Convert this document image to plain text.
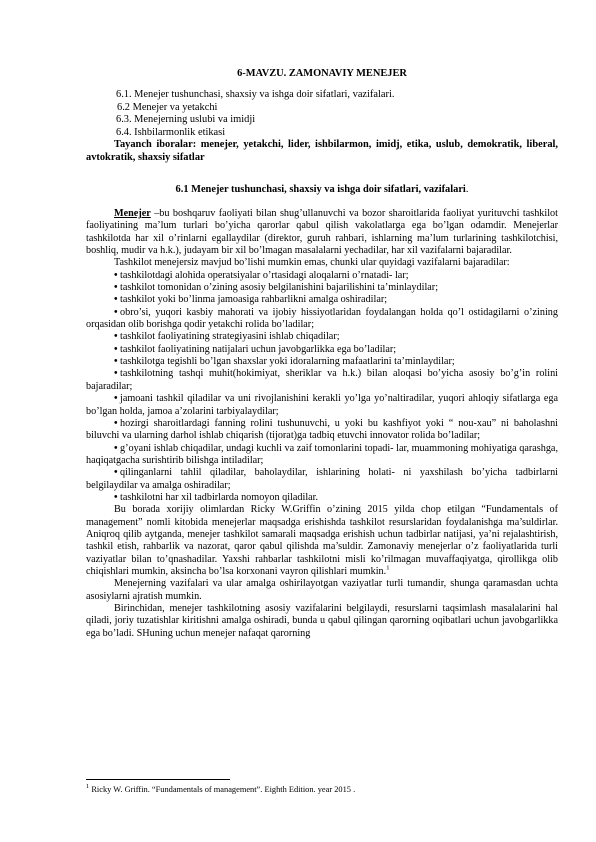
6-MAVZU. ZAMONAVIY MENEJER
6.1. Menejer tushunchasi, shaxsiy va ishga doir sifatlari, vazifalari.
6.2 Menejer va yetakchi
6.3. Menejerning uslubi va imidji
6.4. Ishbilarmonlik etikasi
Tayanch iboralar: menejer, yetakchi, lider, ishbilarmon, imidj, etika, uslub, demokratik, liberal, avtokratik, shaxsiy sifatlar
6.1 Menejer tushunchasi, shaxsiy va ishga doir sifatlari, vazifalari.

Menejer –bu boshqaruv faoliyati bilan shug’ullanuvchi va bozor sharoitlarida faoliyat yurituvchi tashkilot faoliyatining ma’lum turlari bo’yicha qarorlar qabul qilish vakolatlarga ega bo’lgan odamdir. Menejerlar tashkilotda har xil o’rinlarni egallaydilar (direktor, guruh rahbari, ishlarning ma’lum turlarining tashkilotchisi, boshliq, mudir va h.k.), judayam bir xil bo’lmagan masalalarni yechadilar, har xil vazifalarni bajaradilar.

Tashkilot menejersiz mavjud bo’lishi mumkin emas, chunki ular quyidagi vazifalarni bajaradilar:

• tashkilotdagi alohida operatsiyalar o’rtasidagi aloqalarni o’rnatadi- lar;

• tashkilot tomonidan o’zining asosiy belgilanishini bajarilishini ta’minlaydilar;

• tashkilot yoki bo’linma jamoasiga rahbarlikni amalga oshiradilar;

• obro’si, yuqori kasbiy mahorati va ijobiy hissiyotlaridan foydalangan holda qo’l ostidagilarni o’zining orqasidan olib borishga qodir yetakchi rolida bo’ladilar;

• tashkilot faoliyatining strategiyasini ishlab chiqadilar;

• tashkilot faoliyatining natijalari uchun javobgarlikka ega bo’ladilar;

• tashkilotga tegishli bo’lgan shaxslar yoki idoralarning mafaatlarini ta’minlaydilar;

• tashkilotning tashqi muhit(hokimiyat, sheriklar va h.k.) bilan aloqasi bo’yicha asosiy bo’g’in rolini bajaradilar;

• jamoani tashkil qiladilar va uni rivojlanishini kerakli yo’lga yo’naltiradilar, yuqori ahloqiy sifatlarga ega bo’lgan holda, jamoa a’zolarini tarbiyalaydilar;

• hozirgi sharoitlardagi fanning rolini tushunuvchi, u yoki bu kashfiyot yoki “ nou-xau” ni baholashni biluvchi va ularning darhol ishlab chiqarish (tijorat)ga tadbiq etuvchi innovator rolida bo’ladilar;

• g’oyani ishlab chiqadilar, undagi kuchli va zaif tomonlarini topadi- lar, muammoning mohiyatiga qarashga, haqiqatgacha surishtirib bilishga intiladilar;

• qilinganlarni tahlil qiladilar, baholaydilar, ishlarining holati- ni yaxshilash bo’yicha tadbirlarni belgilaydilar va amalga oshiradilar;

• tashkilotni har xil tadbirlarda nomoyon qiladilar.

Bu borada xorijiy olimlardan Ricky W.Griffin o’zining 2015 yilda chop etilgan “Fundamentals of management” nomli kitobida menejerlar maqsadga erishishda tashkilot resurslaridan foydalanishga ma’suldirlar. Aniqroq qilib aytganda, menejer tashkilot samarali maqsadga erishish uchun tadbirlar natijasi, ya’ni rejalashtirish, tashkil etish, rahbarlik va nazorat, qaror qabul qilishda ma’suldir. Zamonaviy menejerlar o’z faoliyatlarida turli vaziyatlar bilan to’qnashadilar. Yaxshi rahbarlar tashkilotni misli ko’rilmagan muvaffaqiyatga, qirollikga olib chiqishlari mumkin, aksincha bo’lsa korxonani vayron qilishlari mumkin.$^1$

Menejerning vazifalari va ular amalga oshirilayotgan vaziyatlar turli tumandir, shunga qaramasdan uchta asosiylarni ajratish mumkin.

Birinchidan, menejer tashkilotning asosiy vazifalarini belgilaydi, resurslarni taqsimlash masalalarini hal qiladi, joriy tuzatishlar kiritishni amalga oshiradi, bunda u qabul qilingan qarorning oqibatlari uchun javobgarlikka ega bo’ladi. SHuning uchun menejer nafaqat qarorning

$^1$ Ricky W. Griffin. “Fundamentals of management”. Eighth Edition. year 2015 .
